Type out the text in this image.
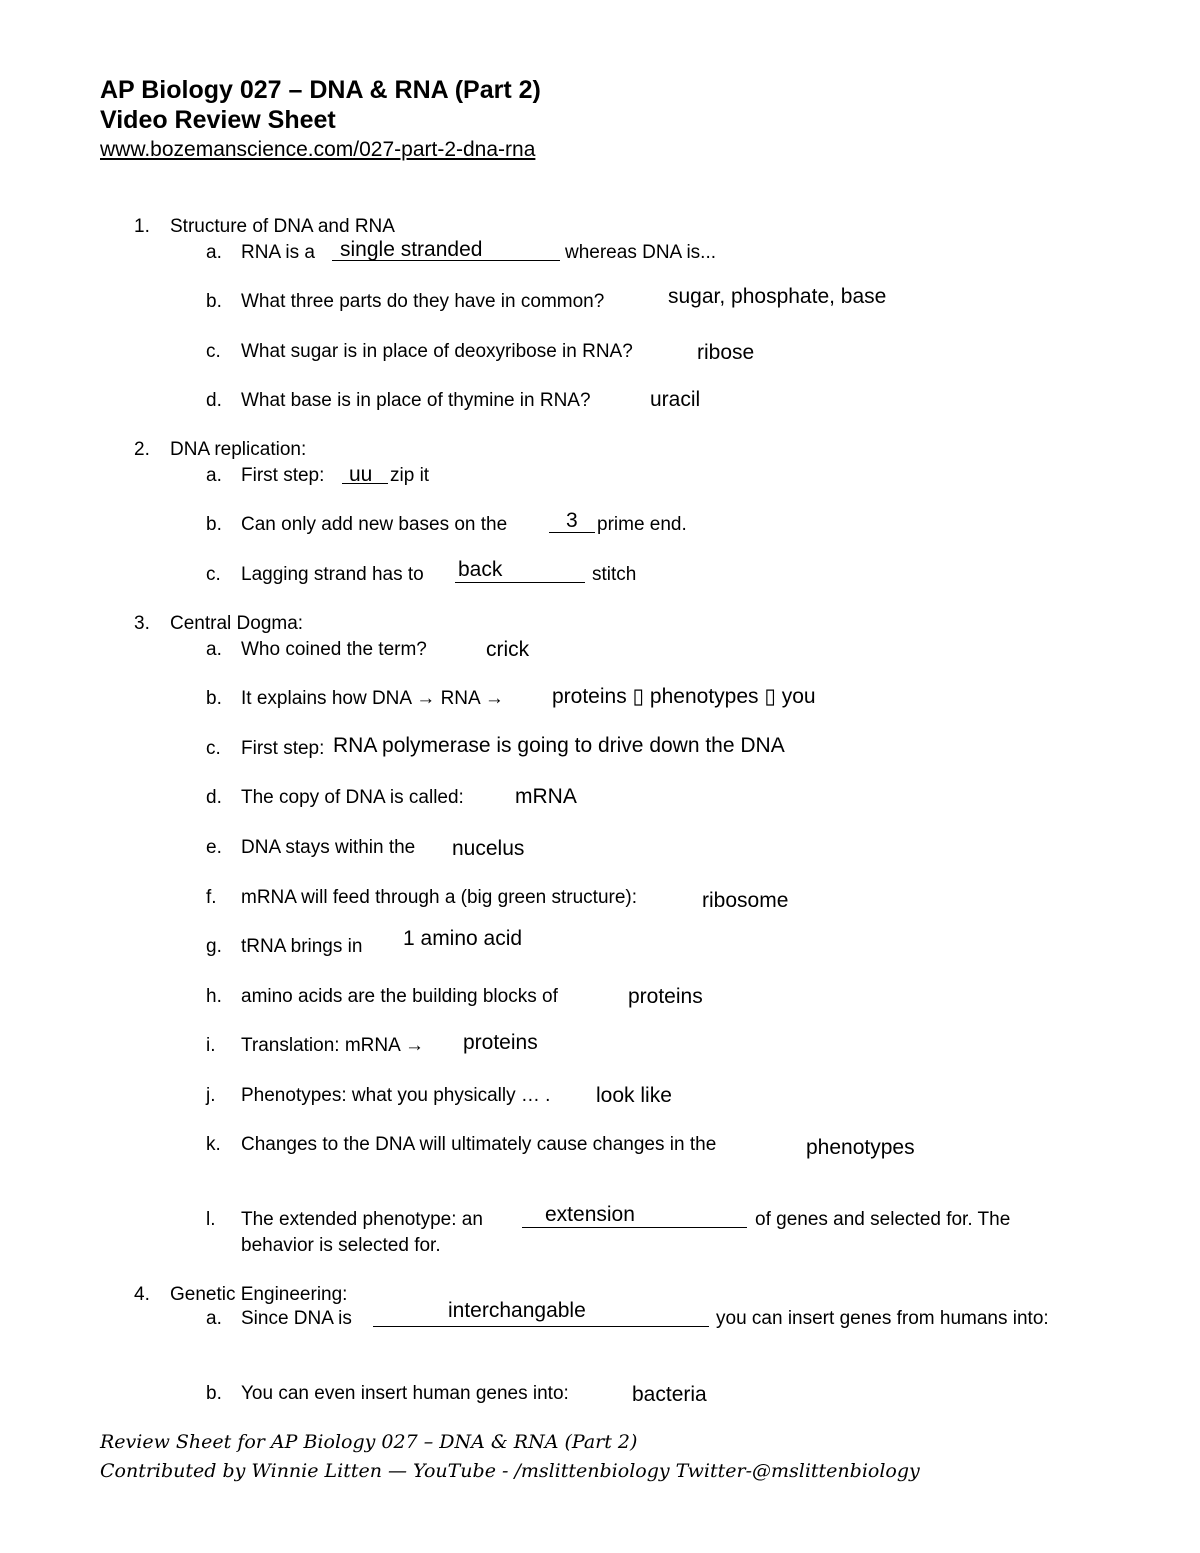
AP Biology 027 – DNA & RNA (Part 2)
Video Review Sheet
www.bozemanscience.com/027-part-2-dna-rna
1. Structure of DNA and RNA
a. RNA is a single stranded	whereas DNA is...
b. What three parts do they have in common?	sugar, phosphate, base
c. What sugar is in place of deoxyribose in RNA?	ribose
d. What base is in place of thymine in RNA?	uracil
2. DNA replication:
a. First step: uu zip it
b. Can only add new bases on the	3 prime end.
c. Lagging strand has to back	stitch
3. Central Dogma:
a. Who coined the term?	crick
b. It explains how DNA → RNA → proteins ▯ phenotypes ▯ you
c. First step: RNA polymerase is going to drive down the DNA
d. The copy of DNA is called: mRNA
e. DNA stays within the nucelus
f. mRNA will feed through a (big green structure):	ribosome
g. tRNA brings in 1 amino acid
h. amino acids are the building blocks of	proteins
i. Translation: mRNA → proteins
j. Phenotypes: what you physically … . look like
k. Changes to the DNA will ultimately cause changes in the	phenotypes
l. The extended phenotype: an	extension	of genes and selected for. The
behavior is selected for.
4. Genetic Engineering:
a. Since DNA is	interchangable	you can insert genes from humans into:
b. You can even insert human genes into:	bacteria
Review Sheet for AP Biology 027 – DNA & RNA (Part 2)
Contributed by Winnie Litten — YouTube - /mslittenbiology Twitter-@mslittenbiology
